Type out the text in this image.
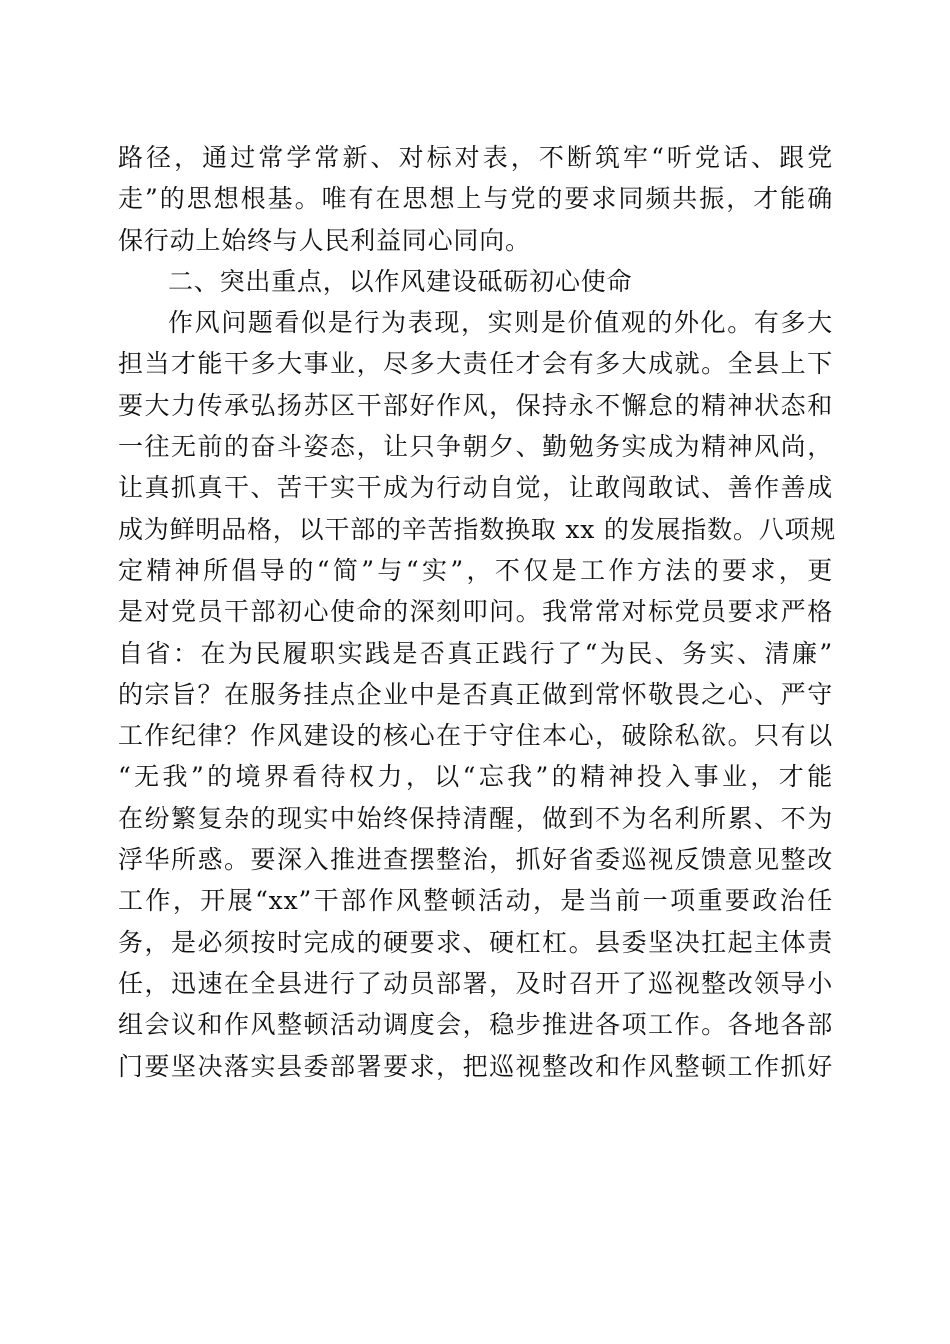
路径，通过常学常新、对标对表，不断筑牢“听党话、跟党
走”的思想根基。唯有在思想上与党的要求同频共振，才能确
保行动上始终与人民利益同心同向。
二、突出重点，以作风建设砥砺初心使命
作风问题看似是行为表现，实则是价值观的外化。有多大
担当才能干多大事业，尽多大责任才会有多大成就。全县上下
要大力传承弘扬苏区干部好作风，保持永不懈怠的精神状态和
一往无前的奋斗姿态，让只争朝夕、勤勉务实成为精神风尚，
让真抓真干、苦干实干成为行动自觉，让敢闯敢试、善作善成
成为鲜明品格，以干部的辛苦指数换取 xx 的发展指数。八项规
定精神所倡导的“简”与“实”，不仅是工作方法的要求，更
是对党员干部初心使命的深刻叩问。我常常对标党员要求严格
自省：在为民履职实践是否真正践行了“为民、务实、清廉”
的宗旨？在服务挂点企业中是否真正做到常怀敬畏之心、严守
工作纪律？作风建设的核心在于守住本心，破除私欲。只有以
“无我”的境界看待权力，以“忘我”的精神投入事业，才能
在纷繁复杂的现实中始终保持清醒，做到不为名利所累、不为
浮华所惑。要深入推进查摆整治，抓好省委巡视反馈意见整改
工作，开展“xx”干部作风整顿活动，是当前一项重要政治任
务，是必须按时完成的硬要求、硬杠杠。县委坚决扛起主体责
任，迅速在全县进行了动员部署，及时召开了巡视整改领导小
组会议和作风整顿活动调度会，稳步推进各项工作。各地各部
门要坚决落实县委部署要求，把巡视整改和作风整顿工作抓好
